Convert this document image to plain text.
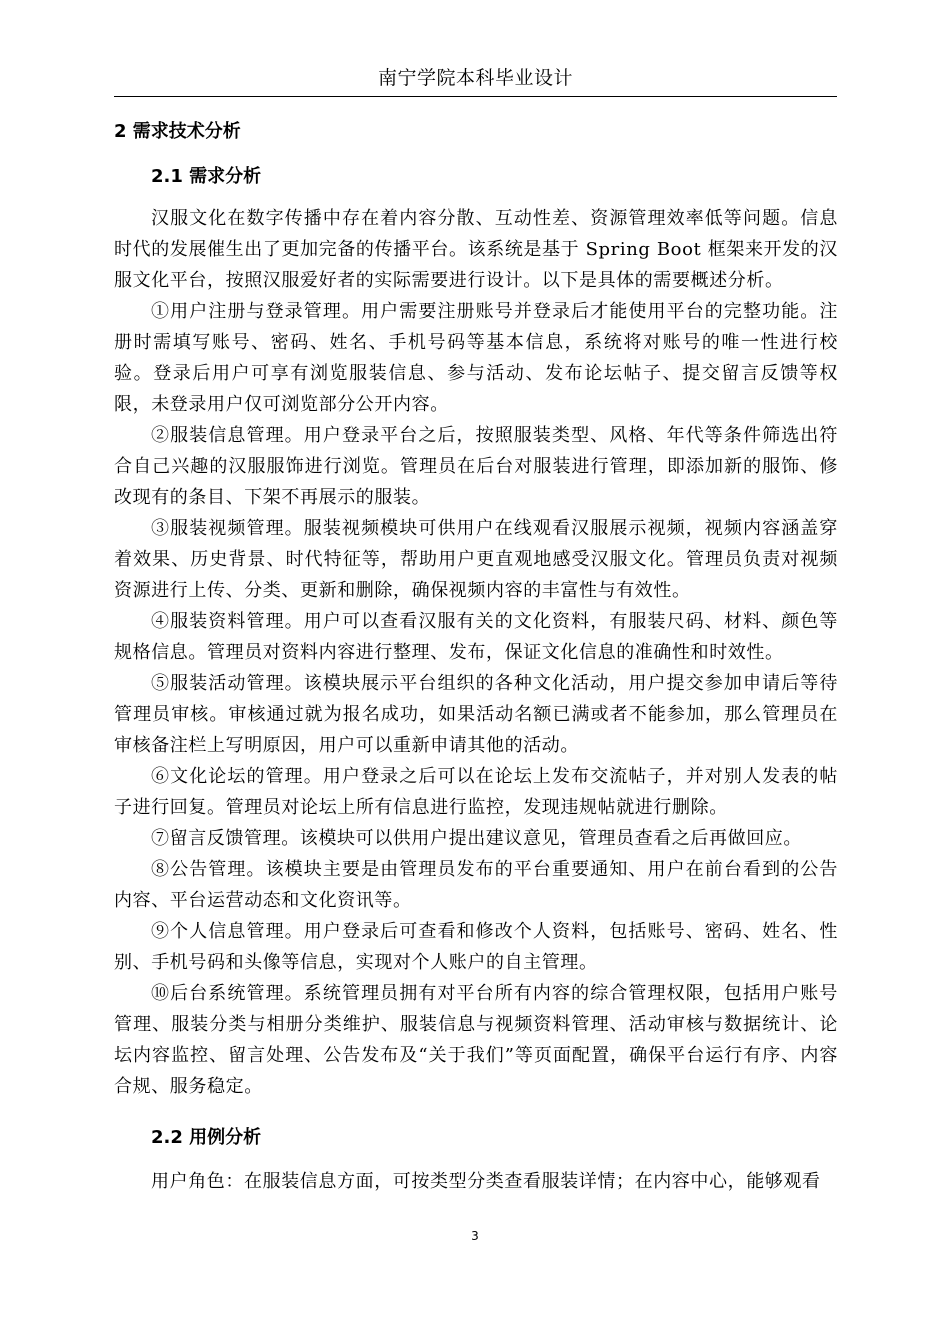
南宁学院本科毕业设计
2 需求技术分析
2.1 需求分析

汉服文化在数字传播中存在着内容分散、互动性差、资源管理效率低等问题。信息时代的发展催生出了更加完备的传播平台。该系统是基于 Spring Boot 框架来开发的汉服文化平台，按照汉服爱好者的实际需要进行设计。以下是具体的需要概述分析。

①用户注册与登录管理。用户需要注册账号并登录后才能使用平台的完整功能。注册时需填写账号、密码、姓名、手机号码等基本信息，系统将对账号的唯一性进行校验。登录后用户可享有浏览服装信息、参与活动、发布论坛帖子、提交留言反馈等权限，未登录用户仅可浏览部分公开内容。

②服装信息管理。用户登录平台之后，按照服装类型、风格、年代等条件筛选出符合自己兴趣的汉服服饰进行浏览。管理员在后台对服装进行管理，即添加新的服饰、修改现有的条目、下架不再展示的服装。

③服装视频管理。服装视频模块可供用户在线观看汉服展示视频，视频内容涵盖穿着效果、历史背景、时代特征等，帮助用户更直观地感受汉服文化。管理员负责对视频资源进行上传、分类、更新和删除，确保视频内容的丰富性与有效性。

④服装资料管理。用户可以查看汉服有关的文化资料，有服装尺码、材料、颜色等规格信息。管理员对资料内容进行整理、发布，保证文化信息的准确性和时效性。

⑤服装活动管理。该模块展示平台组织的各种文化活动，用户提交参加申请后等待管理员审核。审核通过就为报名成功，如果活动名额已满或者不能参加，那么管理员在审核备注栏上写明原因，用户可以重新申请其他的活动。

⑥文化论坛的管理。用户登录之后可以在论坛上发布交流帖子，并对别人发表的帖子进行回复。管理员对论坛上所有信息进行监控，发现违规帖就进行删除。

⑦留言反馈管理。该模块可以供用户提出建议意见，管理员查看之后再做回应。

⑧公告管理。该模块主要是由管理员发布的平台重要通知、用户在前台看到的公告内容、平台运营动态和文化资讯等。

⑨个人信息管理。用户登录后可查看和修改个人资料，包括账号、密码、姓名、性别、手机号码和头像等信息，实现对个人账户的自主管理。

⑩后台系统管理。系统管理员拥有对平台所有内容的综合管理权限，包括用户账号管理、服装分类与相册分类维护、服装信息与视频资料管理、活动审核与数据统计、论坛内容监控、留言处理、公告发布及“关于我们”等页面配置，确保平台运行有序、内容合规、服务稳定。

2.2 用例分析

用户角色：在服装信息方面，可按类型分类查看服装详情；在内容中心，能够观看

3
